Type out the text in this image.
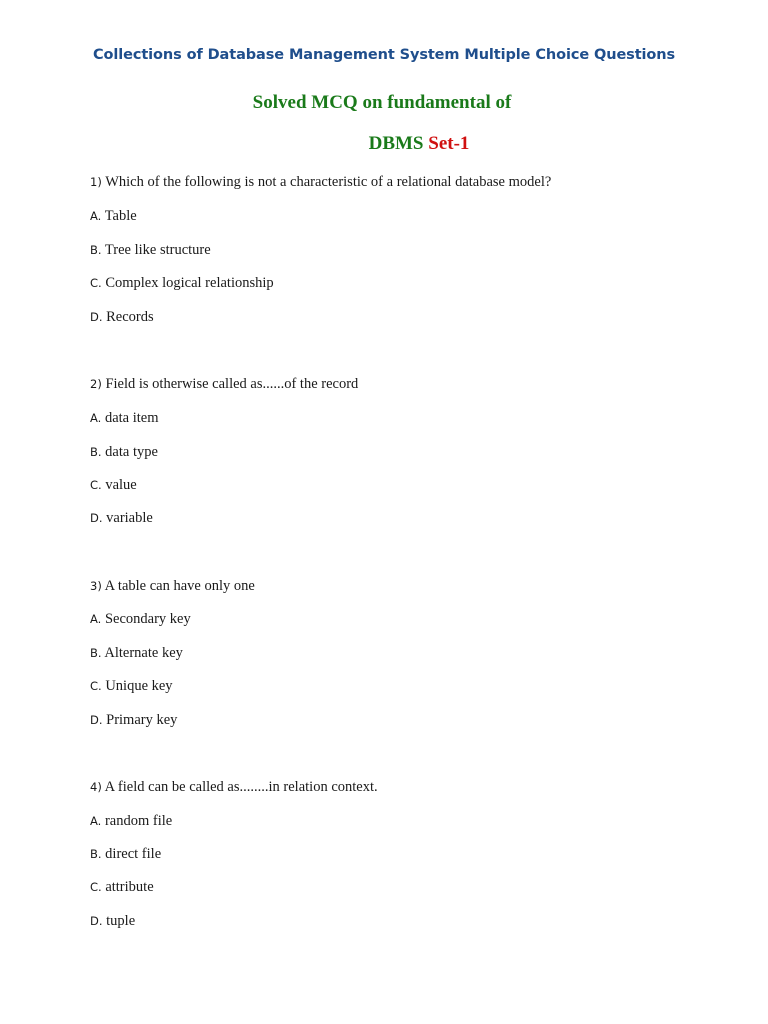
Collections of Database Management System Multiple Choice Questions
Solved MCQ on fundamental of
DBMS Set-1
1) Which of the following is not a characteristic of a relational database model?
A. Table
B. Tree like structure
C. Complex logical relationship
D. Records
2) Field is otherwise called as......of the record
A. data item
B. data type
C. value
D. variable
3) A table can have only one
A. Secondary key
B. Alternate key
C. Unique key
D. Primary key
4) A field can be called as........in relation context.
A. random file
B. direct file
C. attribute
D. tuple
